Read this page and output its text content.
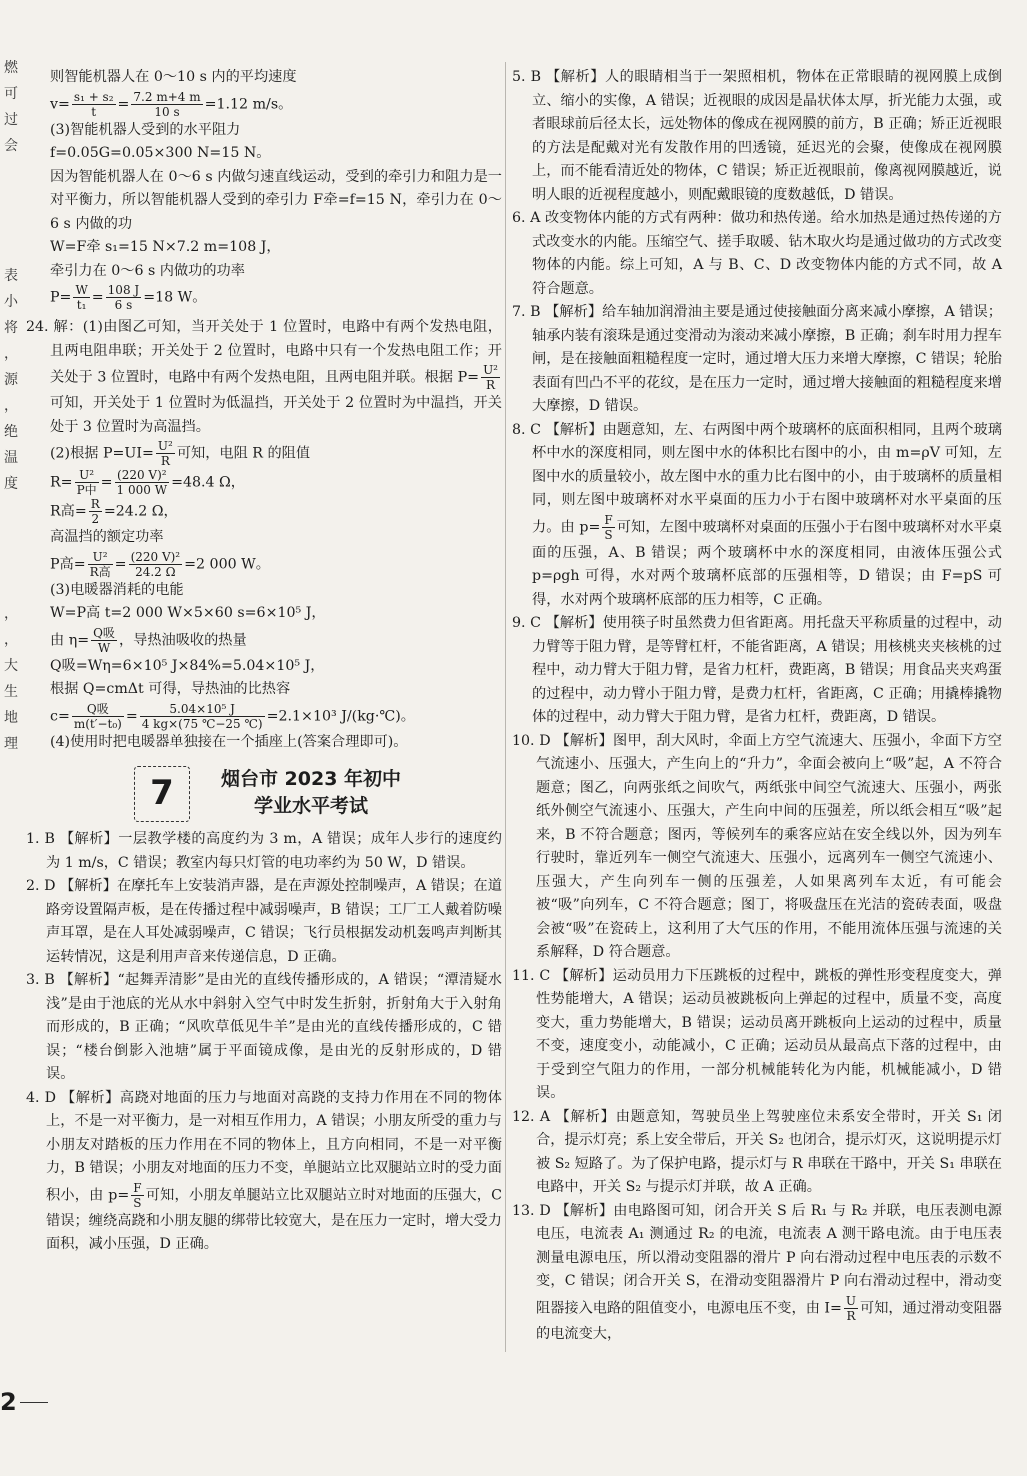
燃
可
过
会

表
小
将
，
源
，
绝
温
度

，
，
大
生
地
理

则智能机器人在 0～10 s 内的平均速度

$v= \frac{\text{s₁ + s₂}}{t} = \frac{7.2 m+4 m}{10 s} =1.12$ m/s。

(3)智能机器人受到的水平阻力

f=0.05G=0.05×300 N=15 N。

因为智能机器人在 0～6 s 内做匀速直线运动，受到的牵引力和阻力是一对平衡力，所以智能机器人受到的牵引力 F牵=f=15 N，牵引力在 0～6 s 内做的功

W=F牵 s₁=15 N×7.2 m=108 J，

牵引力在 0～6 s 内做功的功率

$P= \frac{W}{\text{t₁}} = \frac{108 J}{6 s} =18$ W。

24. 解：(1)由图乙可知，当开关处于 1 位置时，电路中有两个发热电阻，且两电阻串联；开关处于 2 位置时，电路中只有一个发热电阻工作；开关处于 3 位置时，电路中有两个发热电阻，且两电阻并联。根据 $P= \frac{\text{U²}}{R}$
可知，开关处于 1 位置时为低温挡，开关处于 2 位置时为中温挡，开关处于 3 位置时为高温挡。

(2)根据 $P=UI= \frac{\text{U²}}{R}$ 可知，电阻 R 的阻值

$R= \frac{\text{U²}}{\text{P中}} = \frac{\text{(220 V)²}}{1 000 W} =48.4$ Ω，

R高= $\frac{R}{2} =24.2$ Ω，

高温挡的额定功率

P高= $\frac{\text{U²}}{\text{R高}} = \frac{\text{(220 V)²}}{24.2 \Omega} =2$ 000 W。

(3)电暖器消耗的电能

W=P高 t=2 000 W×5×60 s=6×10⁵ J，

由 $\eta= \frac{\text{Q吸}}{W}$ ，导热油吸收的热量

Q吸=Wη=6×10⁵ J×84%=5.04×10⁵ J，

根据 Q=cmΔt 可得，导热油的比热容

$c= \frac{\text{Q吸}}{\text{m(t′−t₀)}} = \frac{\text{5.04×10⁵ J}}{4 kg\times(75 ℃-25 ℃)} =2.1\times 10^3$ J/(kg·℃)。

(4)使用时把电暖器单独接在一个插座上(答案合理即可)。

7 烟台市 2023 年初中
学业水平考试

1. B 【解析】一层教学楼的高度约为 3 m，A 错误；成年人步行的速度约为 1 m/s，C 错误；教室内每只灯管的电功率约为 50 W，D 错误。

2. D 【解析】在摩托车上安装消声器，是在声源处控制噪声，A 错误；在道路旁设置隔声板，是在传播过程中减弱噪声，B 错误；工厂工人戴着防噪声耳罩，是在人耳处减弱噪声，C 错误；飞行员根据发动机轰鸣声判断其运转情况，这是利用声音来传递信息，D 正确。

3. B 【解析】“起舞弄清影”是由光的直线传播形成的，A 错误；“潭清疑水浅”是由于池底的光从水中斜射入空气中时发生折射，折射角大于入射角而形成的，B 正确；“风吹草低见牛羊”是由光的直线传播形成的，C 错误；“楼台倒影入池塘”属于平面镜成像，是由光的反射形成的，D 错误。

4. D 【解析】高跷对地面的压力与地面对高跷的支持力作用在不同的物体上，不是一对平衡力，是一对相互作用力，A 错误；小朋友所受的重力与小朋友对踏板的压力作用在不同的物体上，且方向相同，不是一对平衡力，B 错误；小朋友对地面的压力不变，单腿站立比双腿站立时的受力面积小，由 $p= \frac{F}{S}$ 可知，小朋友单腿站立比双腿站立时对地面的压强大，C 错误；缠绕高跷和小朋友腿的绑带比较宽大，是在压力一定时，增大受力面积，减小压强，D 正确。

5. B 【解析】人的眼睛相当于一架照相机，物体在正常眼睛的视网膜上成倒立、缩小的实像，A 错误；近视眼的成因是晶状体太厚，折光能力太强，或者眼球前后径太长，远处物体的像成在视网膜的前方，B 正确；矫正近视眼的方法是配戴对光有发散作用的凹透镜，延迟光的会聚，使像成在视网膜上，而不能看清近处的物体，C 错误；矫正近视眼前，像离视网膜越近，说明人眼的近视程度越小，则配戴眼镜的度数越低，D 错误。

6. A 改变物体内能的方式有两种：做功和热传递。给水加热是通过热传递的方式改变水的内能。压缩空气、搓手取暖、钻木取火均是通过做功的方式改变物体的内能。综上可知，A 与 B、C、D 改变物体内能的方式不同，故 A 符合题意。

7. B 【解析】给车轴加润滑油主要是通过使接触面分离来减小摩擦，A 错误；轴承内装有滚珠是通过变滑动为滚动来减小摩擦，B 正确；刹车时用力捏车闸，是在接触面粗糙程度一定时，通过增大压力来增大摩擦，C 错误；轮胎表面有凹凸不平的花纹，是在压力一定时，通过增大接触面的粗糙程度来增大摩擦，D 错误。

8. C 【解析】由题意知，左、右两图中两个玻璃杯的底面积相同，且两个玻璃杯中水的深度相同，则左图中水的体积比右图中的小，由 m=ρV 可知，左图中水的质量较小，故左图中水的重力比右图中的小，由于玻璃杯的质量相同，则左图中玻璃杯对水平桌面的压力小于右图中玻璃杯对水平桌面的压力。由 $p= \frac{F}{S}$ 可知，左图中玻璃杯对桌面的压强小于右图中玻璃杯对水平桌面的压强，A、B 错误；两个玻璃杯中水的深度相同，由液体压强公式 p=ρgh 可得，水对两个玻璃杯底部的压强相等，D 错误；由 F=pS 可得，水对两个玻璃杯底部的压力相等，C 正确。

9. C 【解析】使用筷子时虽然费力但省距离。用托盘天平称质量的过程中，动力臂等于阻力臂，是等臂杠杆，不能省距离，A 错误；用核桃夹夹核桃的过程中，动力臂大于阻力臂，是省力杠杆，费距离，B 错误；用食品夹夹鸡蛋的过程中，动力臂小于阻力臂，是费力杠杆，省距离，C 正确；用撬棒撬物体的过程中，动力臂大于阻力臂，是省力杠杆，费距离，D 错误。

10. D 【解析】图甲，刮大风时，伞面上方空气流速大、压强小，伞面下方空气流速小、压强大，产生向上的“升力”，伞面会被向上“吸”起，A 不符合题意；图乙，向两张纸之间吹气，两纸张中间空气流速大、压强小，两张纸外侧空气流速小、压强大，产生向中间的压强差，所以纸会相互“吸”起来，B 不符合题意；图丙，等候列车的乘客应站在安全线以外，因为列车行驶时，靠近列车一侧空气流速大、压强小，远离列车一侧空气流速小、压强大，产生向列车一侧的压强差，人如果离列车太近，有可能会被“吸”向列车，C 不符合题意；图丁，将吸盘压在光洁的瓷砖表面，吸盘会被“吸”在瓷砖上，这利用了大气压的作用，不能用流体压强与流速的关系解释，D 符合题意。

11. C 【解析】运动员用力下压跳板的过程中，跳板的弹性形变程度变大，弹性势能增大，A 错误；运动员被跳板向上弹起的过程中，质量不变，高度变大，重力势能增大，B 错误；运动员离开跳板向上运动的过程中，质量不变，速度变小，动能减小，C 正确；运动员从最高点下落的过程中，由于受到空气阻力的作用，一部分机械能转化为内能，机械能减小，D 错误。

12. A 【解析】由题意知，驾驶员坐上驾驶座位未系安全带时，开关 S₁ 闭合，提示灯亮；系上安全带后，开关 S₂ 也闭合，提示灯灭，这说明提示灯被 S₂ 短路了。为了保护电路，提示灯与 R 串联在干路中，开关 S₁ 串联在电路中，开关 S₂ 与提示灯并联，故 A 正确。

13. D 【解析】由电路图可知，闭合开关 S 后 R₁ 与 R₂ 并联，电压表测电源电压，电流表 A₁ 测通过 R₂ 的电流，电流表 A 测干路电流。由于电压表测量电源电压，所以滑动变阻器的滑片 P 向右滑动过程中电压表的示数不变，C 错误；闭合开关 S，在滑动变阻器滑片 P 向右滑动过程中，滑动变阻器接入电路的阻值变小，电源电压不变，由 $I= \frac{U}{R}$ 可知，通过滑动变阻器的电流变大，

2
